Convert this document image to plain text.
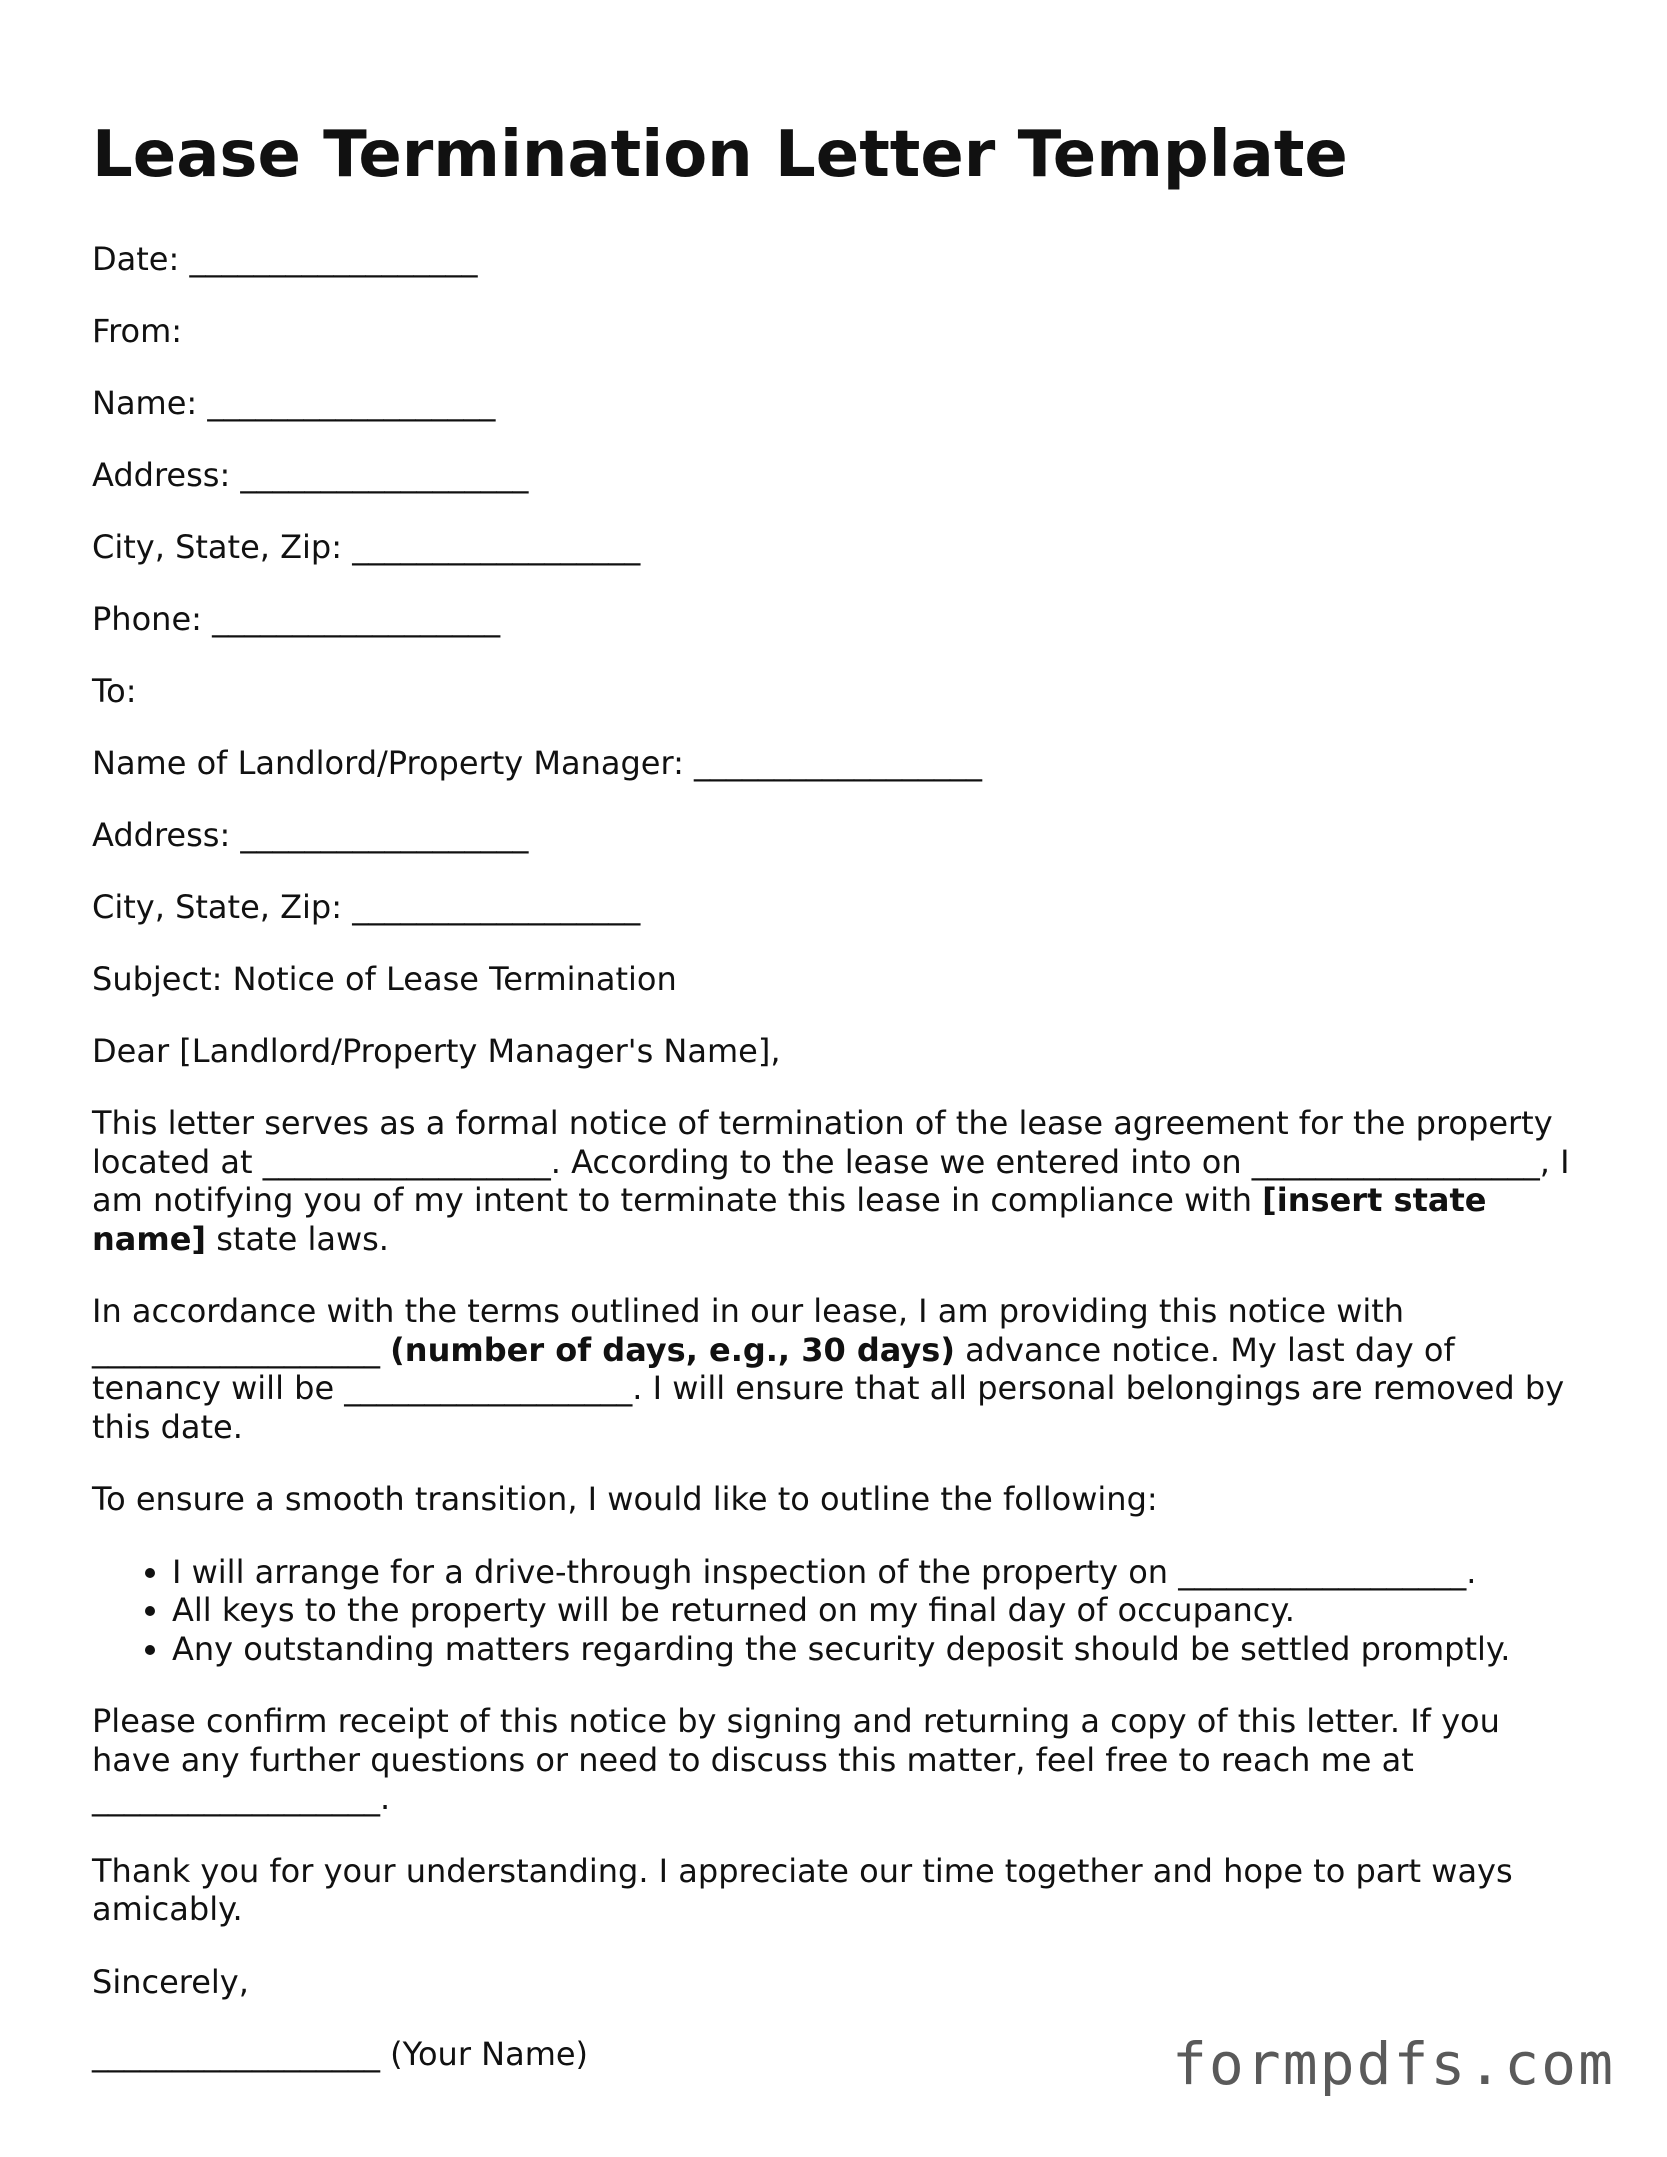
Lease Termination Letter Template
Date: __________________
From:
Name: __________________
Address: __________________
City, State, Zip: __________________
Phone: __________________
To:
Name of Landlord/Property Manager: __________________
Address: __________________
City, State, Zip: __________________
Subject: Notice of Lease Termination
Dear [Landlord/Property Manager's Name],

This letter serves as a formal notice of termination of the lease agreement for the property located at __________________. According to the lease we entered into on __________________, I am notifying you of my intent to terminate this lease in compliance with [insert state name] state laws.

In accordance with the terms outlined in our lease, I am providing this notice with __________________ (number of days, e.g., 30 days) advance notice. My last day of tenancy will be __________________. I will ensure that all personal belongings are removed by this date.

To ensure a smooth transition, I would like to outline the following:

• I will arrange for a drive-through inspection of the property on __________________.
• All keys to the property will be returned on my final day of occupancy.
• Any outstanding matters regarding the security deposit should be settled promptly.

Please confirm receipt of this notice by signing and returning a copy of this letter. If you have any further questions or need to discuss this matter, feel free to reach me at __________________.

Thank you for your understanding. I appreciate our time together and hope to part ways amicably.

Sincerely,
__________________ (Your Name)	formpdfs.com
